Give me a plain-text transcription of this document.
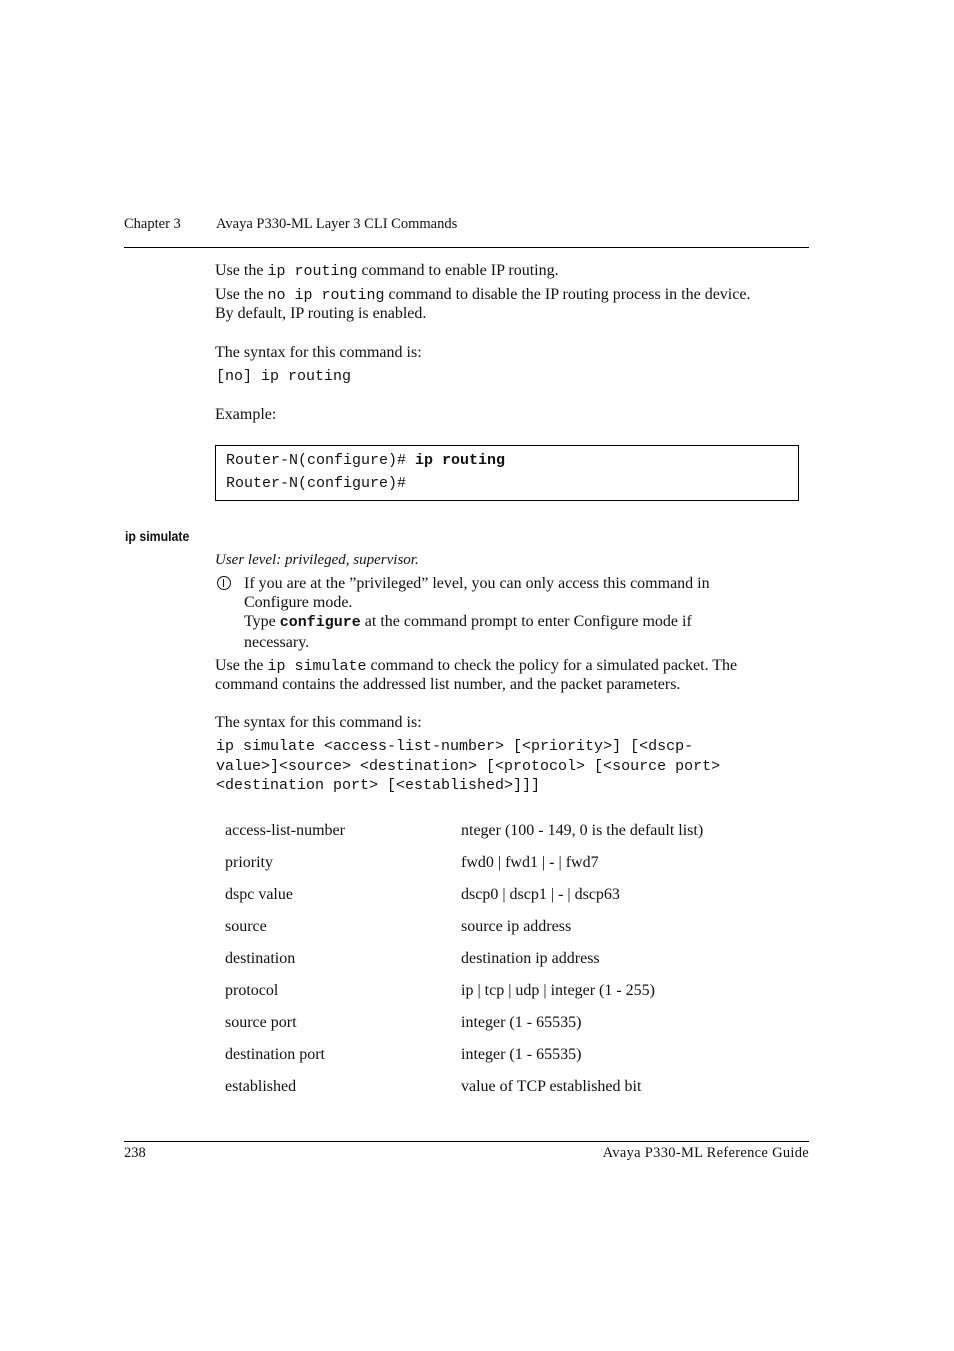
Chapter 3 Avaya P330-ML Layer 3 CLI Commands
Use the ip routing command to enable IP routing.
Use the no ip routing command to disable the IP routing process in the device.
By default, IP routing is enabled.
The syntax for this command is:
[no] ip routing
Example:
Router-N(configure)# ip routing
Router-N(configure)#
ip simulate
User level: privileged, supervisor.
If you are at the ”privileged” level, you can only access this command in
Configure mode.
Type configure at the command prompt to enter Configure mode if
necessary.
Use the ip simulate command to check the policy for a simulated packet. The
command contains the addressed list number, and the packet parameters.
The syntax for this command is:
ip simulate <access-list-number> [<priority>] [<dscp-
value>]<source> <destination> [<protocol> [<source port>
<destination port> [<established>]]]
access-list-number	nteger (100 - 149, 0 is the default list)
priority	fwd0 | fwd1 | - | fwd7
dspc value	dscp0 | dscp1 | - | dscp63
source	source ip address
destination	destination ip address
protocol	ip | tcp | udp | integer (1 - 255)
source port	integer (1 - 65535)
destination port	integer (1 - 65535)
established	value of TCP established bit
238	Avaya P330-ML Reference Guide
